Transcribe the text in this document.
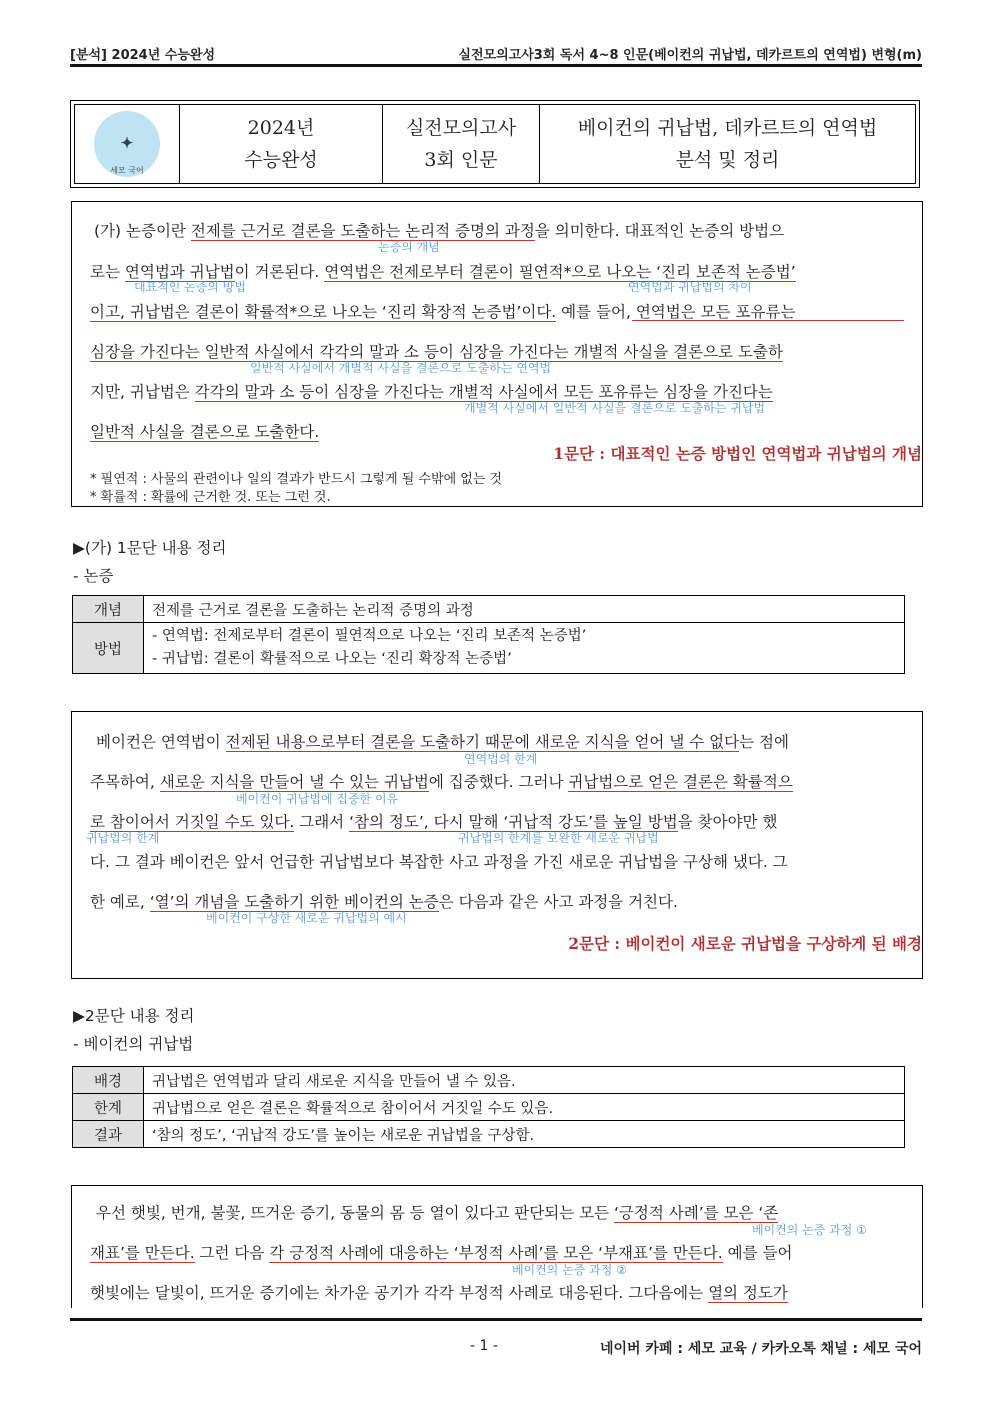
[분석] 2024년 수능완성	실전모의고사3회 독서 4~8 인문(베이컨의 귀납법, 데카르트의 연역법) 변형(m)
✦
세모 국어
2024년
수능완성
실전모의고사
3회 인문
베이컨의 귀납법, 데카르트의 연역법
분석 및 정리
(가) 논증이란 전제를 근거로 결론을 도출하는 논리적 증명의 과정을 의미한다. 대표적인 논증의 방법으
논증의 개념
로는 연역법과 귀납법이 거론된다. 연역법은 전제로부터 결론이 필연적*으로 나오는 ‘진리 보존적 논증법’
대표적인 논증의 방법	연역법과 귀납법의 차이
이고, 귀납법은 결론이 확률적*으로 나오는 ‘진리 확장적 논증법’이다. 예를 들어, 연역법은 모든 포유류는
심장을 가진다는 일반적 사실에서 각각의 말과 소 등이 심장을 가진다는 개별적 사실을 결론으로 도출하
일반적 사실에서 개별적 사실을 결론으로 도출하는 연역법
지만, 귀납법은 각각의 말과 소 등이 심장을 가진다는 개별적 사실에서 모든 포유류는 심장을 가진다는
개별적 사실에서 일반적 사실을 결론으로 도출하는 귀납법
일반적 사실을 결론으로 도출한다.
1문단 : 대표적인 논증 방법인 연역법과 귀납법의 개념
* 필연적 : 사물의 관련이나 일의 결과가 반드시 그렇게 될 수밖에 없는 것
* 확률적 : 확률에 근거한 것. 또는 그런 것.
▶(가) 1문단 내용 정리
- 논증
개념	전제를 근거로 결론을 도출하는 논리적 증명의 과정
방법	- 연역법: 전제로부터 결론이 필연적으로 나오는 ‘진리 보존적 논증법’
- 귀납법: 결론이 확률적으로 나오는 ‘진리 확장적 논증법’
베이컨은 연역법이 전제된 내용으로부터 결론을 도출하기 때문에 새로운 지식을 얻어 낼 수 없다는 점에
연역법의 한계
주목하여, 새로운 지식을 만들어 낼 수 있는 귀납법에 집중했다. 그러나 귀납법으로 얻은 결론은 확률적으
베이컨이 귀납법에 집중한 이유
로 참이어서 거짓일 수도 있다. 그래서 ‘참의 정도’, 다시 말해 ‘귀납적 강도’를 높일 방법을 찾아야만 했
귀납법의 한계	귀납법의 한계를 보완한 새로운 귀납법
다. 그 결과 베이컨은 앞서 언급한 귀납법보다 복잡한 사고 과정을 가진 새로운 귀납법을 구상해 냈다. 그
한 예로, ‘열’의 개념을 도출하기 위한 베이컨의 논증은 다음과 같은 사고 과정을 거친다.
베이컨이 구상한 새로운 귀납법의 예시
2문단 : 베이컨이 새로운 귀납법을 구상하게 된 배경
▶2문단 내용 정리
- 베이컨의 귀납법
배경	귀납법은 연역법과 달리 새로운 지식을 만들어 낼 수 있음.
한계	귀납법으로 얻은 결론은 확률적으로 참이어서 거짓일 수도 있음.
결과	‘참의 정도’, ‘귀납적 강도’를 높이는 새로운 귀납법을 구상함.
우선 햇빛, 번개, 불꽃, 뜨거운 증기, 동물의 몸 등 열이 있다고 판단되는 모든 ‘긍정적 사례’를 모은 ‘존
베이컨의 논증 과정 ①
재표’를 만든다. 그런 다음 각 긍정적 사례에 대응하는 ‘부정적 사례’를 모은 ‘부재표’를 만든다. 예를 들어
베이컨의 논증 과정 ②
햇빛에는 달빛이, 뜨거운 증기에는 차가운 공기가 각각 부정적 사례로 대응된다. 그다음에는 열의 정도가
- 1 -	네이버 카페 : 세모 교육 / 카카오톡 채널 : 세모 국어
